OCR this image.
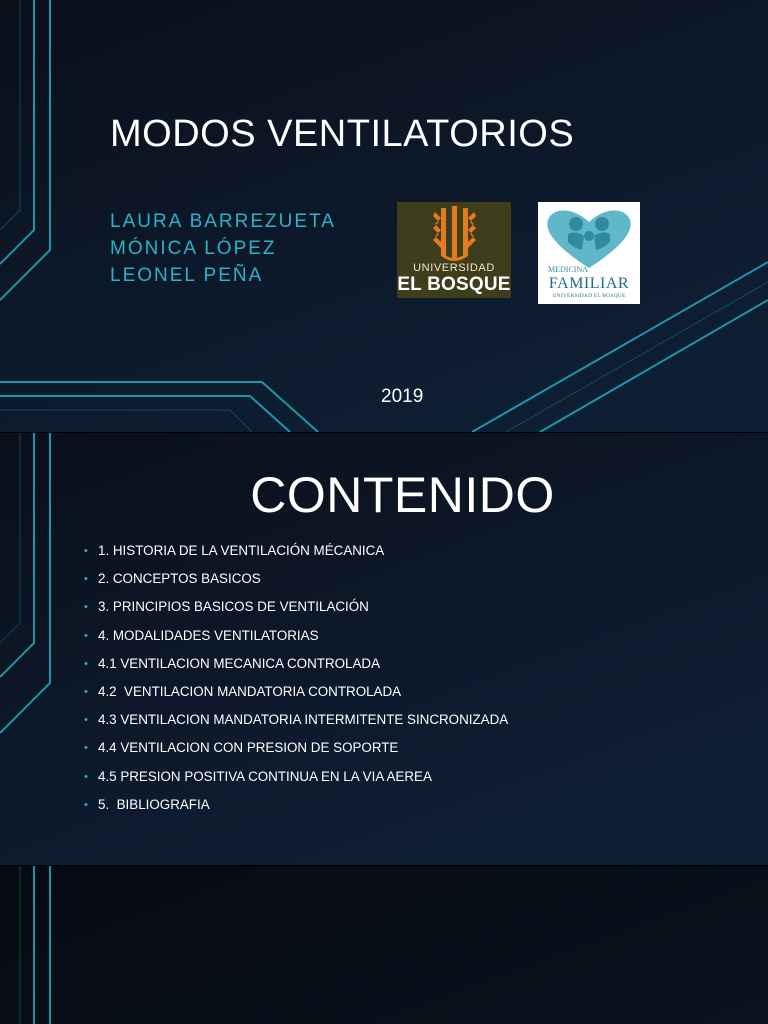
MODOS VENTILATORIOS
LAURA BARREZUETA
MÓNICA LÓPEZ
LEONEL PEÑA	UNIVERSIDAD
EL BOSQUE
MEDICINA
FAMILIAR
UNIVERSIDAD EL BOSQUE
2019
CONTENIDO
• 1. HISTORIA DE LA VENTILACIÓN MÉCANICA
• 2. CONCEPTOS BASICOS
• 3. PRINCIPIOS BASICOS DE VENTILACIÓN
• 4. MODALIDADES VENTILATORIAS
• 4.1 VENTILACION MECANICA CONTROLADA
• 4.2  VENTILACION MANDATORIA CONTROLADA
• 4.3 VENTILACION MANDATORIA INTERMITENTE SINCRONIZADA
• 4.4 VENTILACION CON PRESION DE SOPORTE
• 4.5 PRESION POSITIVA CONTINUA EN LA VIA AEREA
• 5.  BIBLIOGRAFIA
